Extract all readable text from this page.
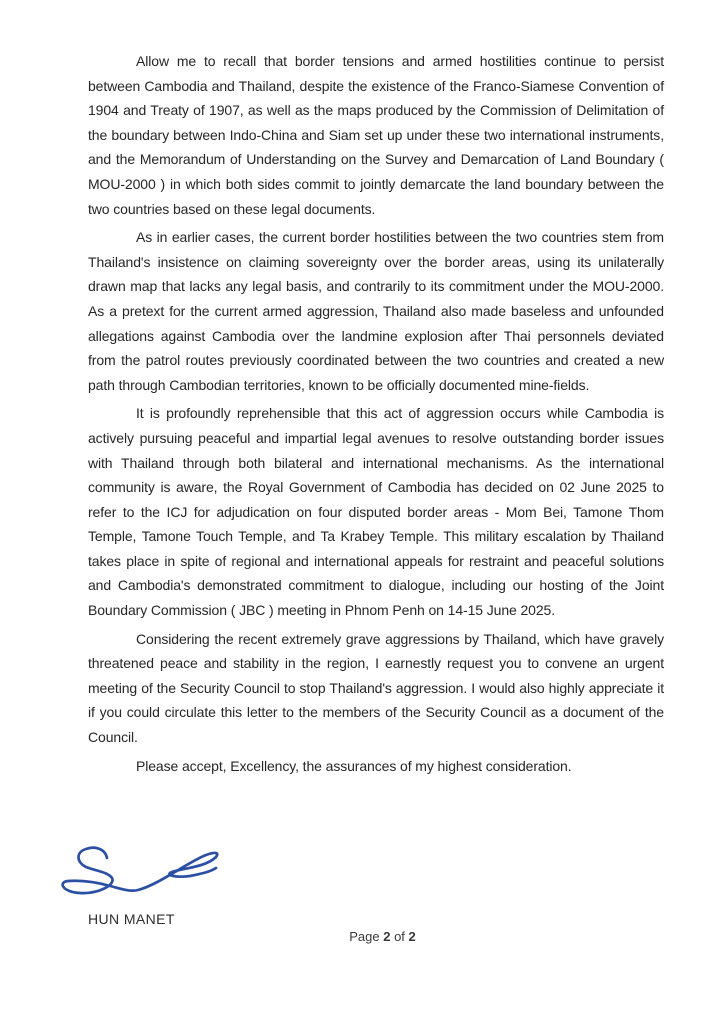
Allow me to recall that border tensions and armed hostilities continue to persist between Cambodia and Thailand, despite the existence of the Franco-Siamese Convention of 1904 and Treaty of 1907, as well as the maps produced by the Commission of Delimitation of the boundary between Indo-China and Siam set up under these two international instruments, and the Memorandum of Understanding on the Survey and Demarcation of Land Boundary ( MOU-2000 ) in which both sides commit to jointly demarcate the land boundary between the two countries based on these legal documents.

As in earlier cases, the current border hostilities between the two countries stem from Thailand's insistence on claiming sovereignty over the border areas, using its unilaterally drawn map that lacks any legal basis, and contrarily to its commitment under the MOU-2000. As a pretext for the current armed aggression, Thailand also made baseless and unfounded allegations against Cambodia over the landmine explosion after Thai personnels deviated from the patrol routes previously coordinated between the two countries and created a new path through Cambodian territories, known to be officially documented mine-fields.

It is profoundly reprehensible that this act of aggression occurs while Cambodia is actively pursuing peaceful and impartial legal avenues to resolve outstanding border issues with Thailand through both bilateral and international mechanisms. As the international community is aware, the Royal Government of Cambodia has decided on 02 June 2025 to refer to the ICJ for adjudication on four disputed border areas - Mom Bei, Tamone Thom Temple, Tamone Touch Temple, and Ta Krabey Temple. This military escalation by Thailand takes place in spite of regional and international appeals for restraint and peaceful solutions and Cambodia's demonstrated commitment to dialogue, including our hosting of the Joint Boundary Commission ( JBC ) meeting in Phnom Penh on 14-15 June 2025.

Considering the recent extremely grave aggressions by Thailand, which have gravely threatened peace and stability in the region, I earnestly request you to convene an urgent meeting of the Security Council to stop Thailand's aggression. I would also highly appreciate it if you could circulate this letter to the members of the Security Council as a document of the Council.

Please accept, Excellency, the assurances of my highest consideration.

HUN MANET
Page 2 of 2
